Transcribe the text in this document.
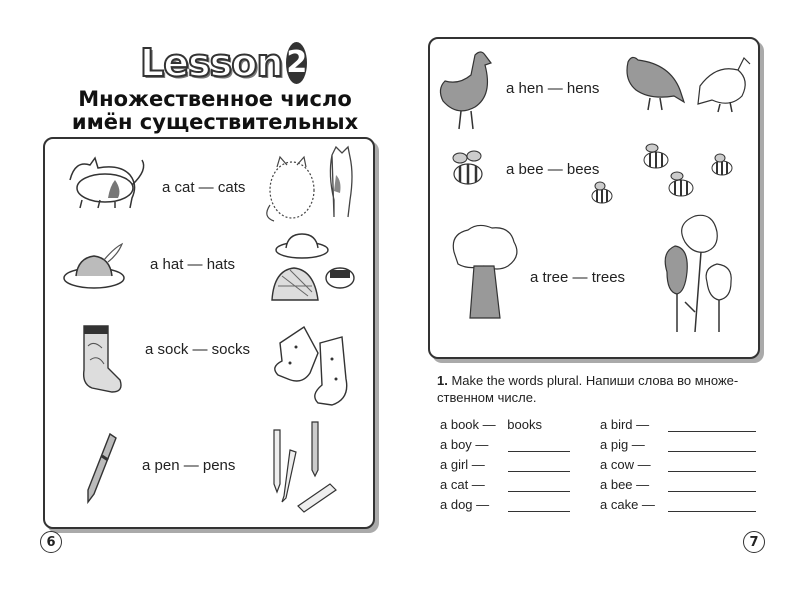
Lesson 2
Множественное число
имён существительных
a cat — cats
a hat — hats
a sock — socks
a pen — pens
6
a hen — hens
a bee — bees
a tree — trees
1. Make the words plural. Напиши слова во множе-
ственном числе.
a book — books
a boy —
a girl —
a cat —
a dog —
a bird —
a pig —
a cow —
a bee —
a cake —
7
